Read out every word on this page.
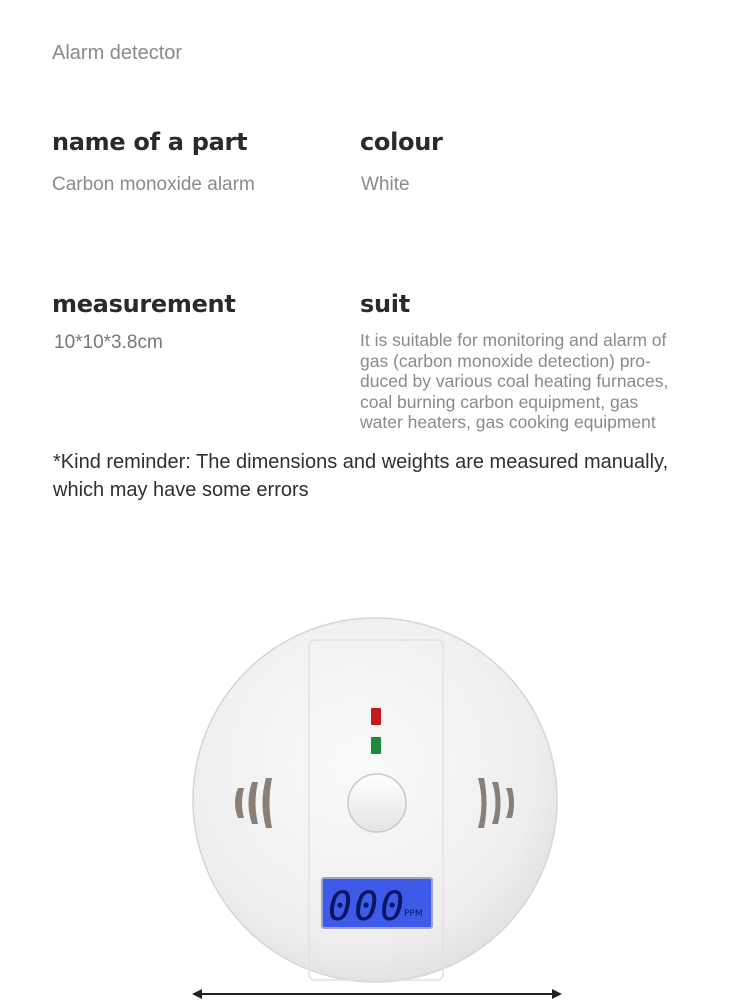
Alarm detector
name of a part
Carbon monoxide alarm
colour
White
measurement
10*10*3.8cm
suit
It is suitable for monitoring and alarm of
gas (carbon monoxide detection) pro-
duced by various coal heating furnaces,
coal burning carbon equipment, gas
water heaters, gas cooking equipment
*Kind reminder: The dimensions and weights are measured manually,
which may have some errors
000
PPM
